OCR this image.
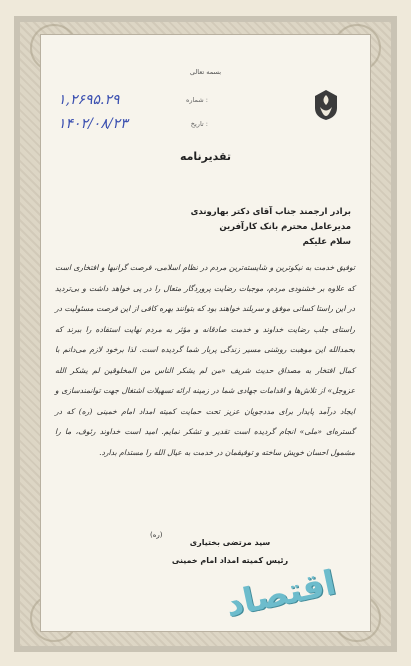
بسمه تعالی
۱,۲۶۹۵.۲۹	شماره :
۱۴۰۲/۰۸/۲۳	تاریخ :
تقدیرنامه
برادر ارجمند جناب آقای دکتر بهاروندی
مدیرعامل محترم بانک کارآفرین
سلام علیکم
توفیق خدمت به نیکوترین و شایسته‌ترین مردم در نظام اسلامی، فرصت گرانبها و افتخاری است که علاوه بر خشنودی مردم، موجبات رضایت پروردگار متعال را در پی خواهد داشت و بی‌تردید در این راستا کسانی موفق و سربلند خواهند بود که بتوانند بهره کافی از این فرصت مسئولیت در راستای جلب رضایت خداوند و خدمت صادقانه و مؤثر به مردم نهایت استفاده را ببرند که بحمدالله این موهبت روشنی مسیر زندگی پربار شما گردیده است. لذا برخود لازم می‌دانم با کمال افتخار به مصداق حدیث شریف «من لم یشکر الناس من المخلوقین لم یشکر الله عزوجل» از تلاش‌ها و اقدامات جهادی شما در زمینه ارائه تسهیلات اشتغال جهت توانمندسازی و ایجاد درآمد پایدار برای مددجویان عزیز تحت حمایت کمیته امداد امام خمینی (ره) که در گستره‌ای «ملی» انجام گردیده است تقدیر و تشکر نمایم. امید است خداوند رئوف، ما را مشمول احسان خویش ساخته و توفیقمان در خدمت به عیال الله را مستدام بدارد.
سید مرتضی بختیاری
رئیس کمیته امداد امام خمینی
(ره)
اقتصاد
